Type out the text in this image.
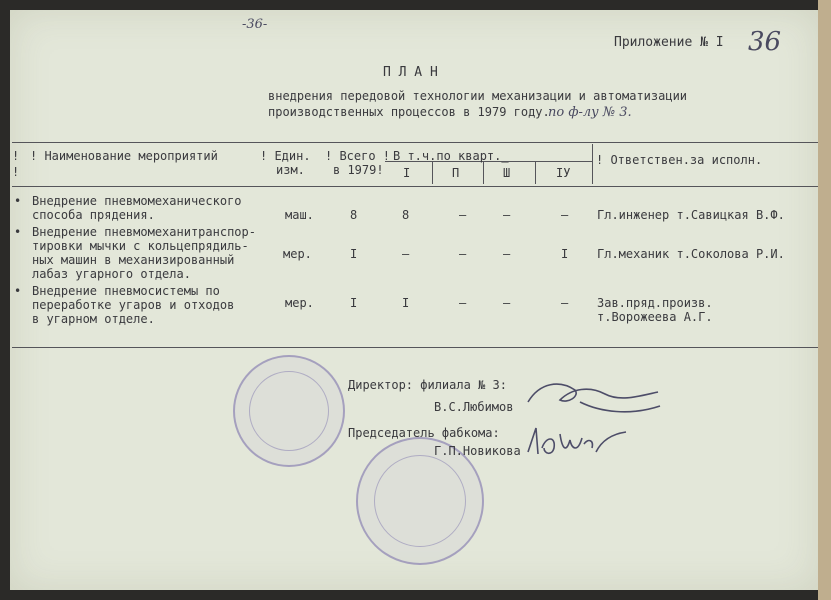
-36-
Приложение № I 36
П Л А Н
внедрения передовой технологии механизации и автоматизации
производственных процессов в 1979 году.
по ф-лу № 3.
!
!
! Наименование мероприятий	! Един.
изм.
! Всего !
в 1979!
В т.ч.по кварт._
I	П	Ш	IУ
! Ответствен.за исполн.
• Внедрение пневмомеханического
способа прядения.	маш.	8	8	–	–	– Гл.инженер т.Савицкая В.Ф.
• Внедрение пневмомеханитранспор-
тировки мычки с кольцепрядиль-
ных машин в механизированный
лабаз угарного отдела.
мер.	I	–	–	–	I Гл.механик т.Соколова Р.И.
• Внедрение пневмосистемы по
переработке угаров и отходов
в угарном отделе.
мер.	I	I	–	–	– Зав.пряд.произв.
т.Ворожеева А.Г.
Директор: филиала № 3:
В.С.Любимов
Председатель фабкома:
Г.П.Новикова
